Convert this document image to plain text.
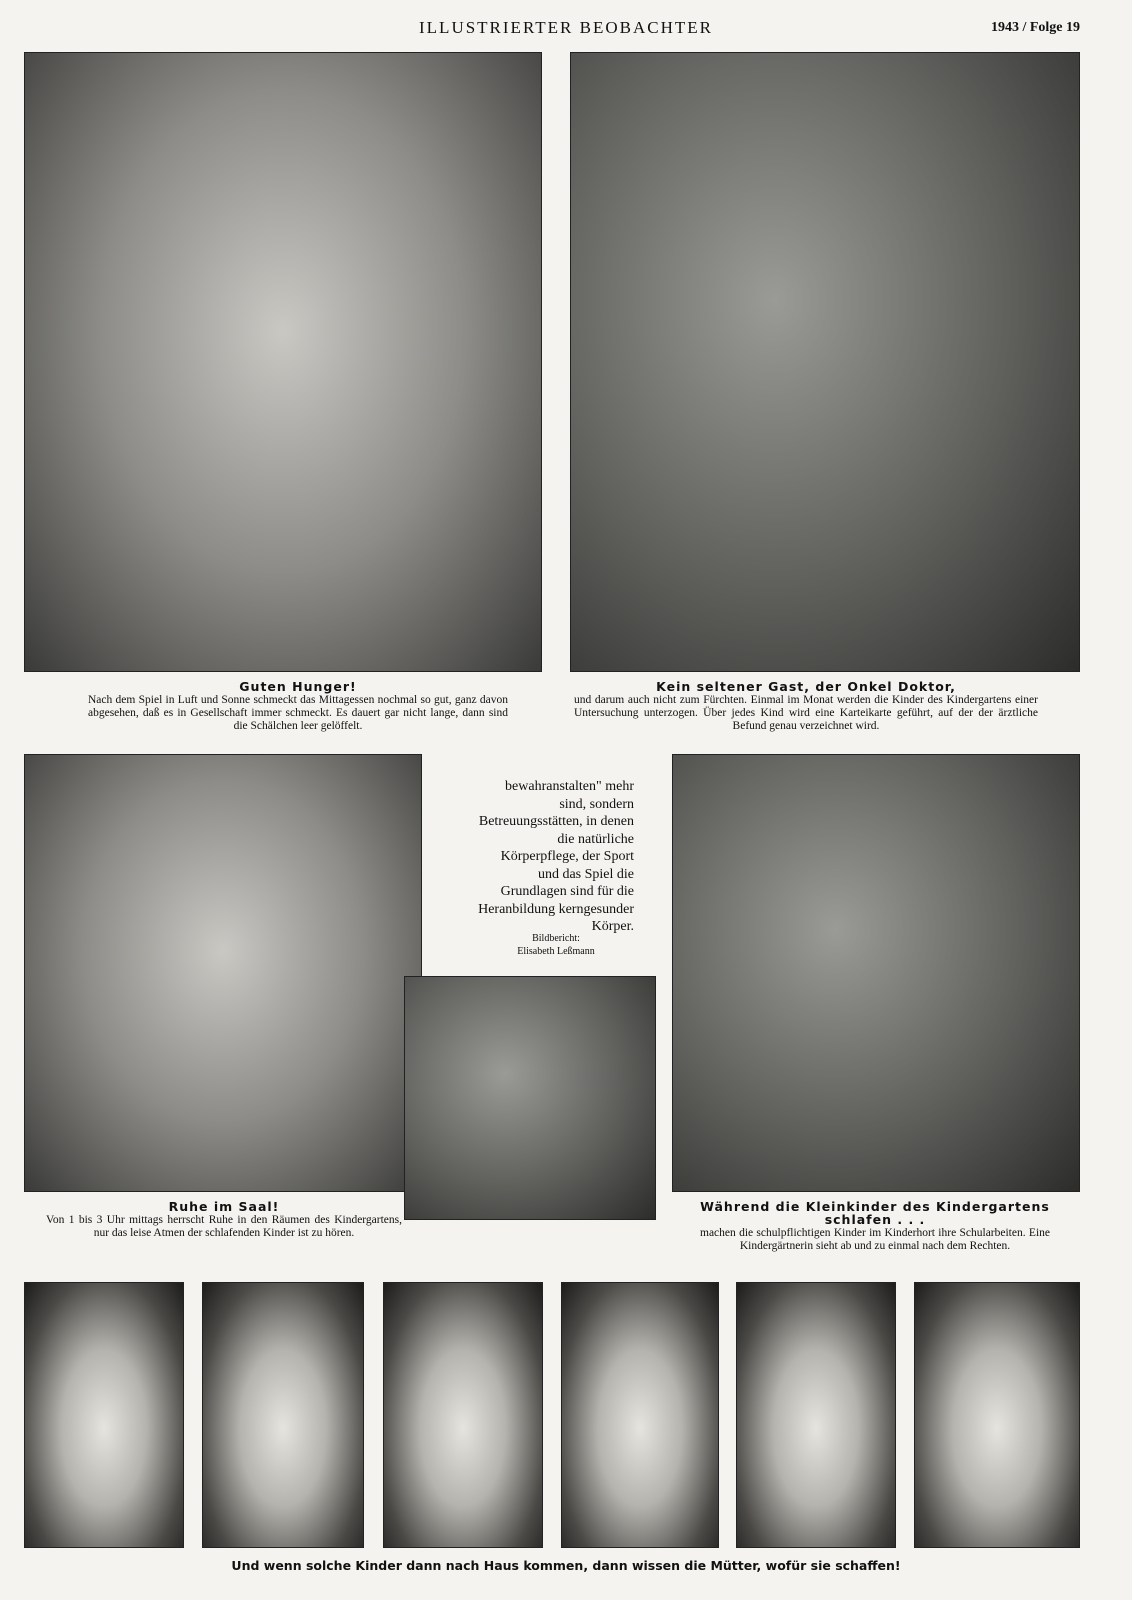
ILLUSTRIERTER BEOBACHTER	1943 / Folge 19
Guten Hunger!
Nach dem Spiel in Luft und Sonne schmeckt das Mittagessen nochmal so gut, ganz davon abgesehen, daß es in Gesellschaft immer schmeckt. Es dauert gar nicht lange, dann sind die Schälchen leer gelöffelt.
Kein seltener Gast, der Onkel Doktor,
und darum auch nicht zum Fürchten. Einmal im Monat werden die Kinder des Kindergartens einer Untersuchung unterzogen. Über jedes Kind wird eine Karteikarte geführt, auf der der ärztliche Befund genau verzeichnet wird.
Ruhe im Saal!
Von 1 bis 3 Uhr mittags herrscht Ruhe in den Räumen des Kindergartens, nur das leise Atmen der schlafenden Kinder ist zu hören.
bewahranstalten" mehr sind, sondern Betreuungsstätten, in denen die natürliche Körperpflege, der Sport und das Spiel die Grundlagen sind für die Heranbildung kerngesunder Körper.
Bildbericht:
Elisabeth Leßmann
Während die Kleinkinder des Kindergartens schlafen . . .
machen die schulpflichtigen Kinder im Kinderhort ihre Schularbeiten. Eine Kindergärtnerin sieht ab und zu einmal nach dem Rechten.
Und wenn solche Kinder dann nach Haus kommen, dann wissen die Mütter, wofür sie schaffen!
